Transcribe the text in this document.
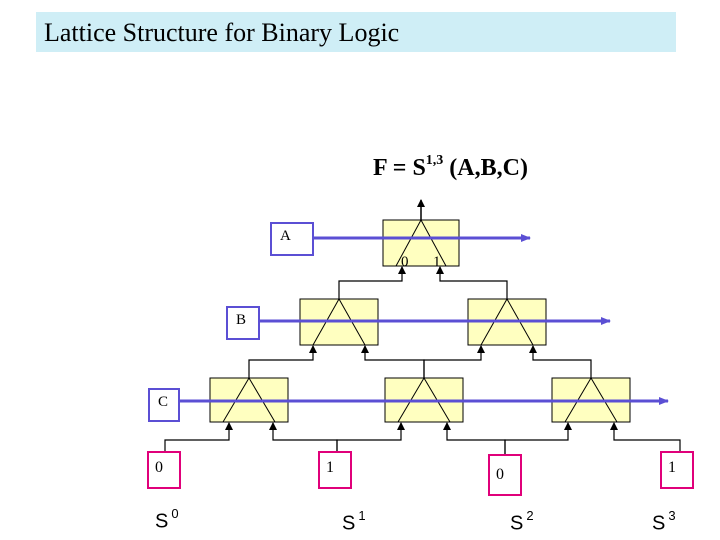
Lattice Structure for Binary Logic
F = S$^{1,3}$ (A,B,C)
0 1
A
B
C
0	1	0	1
S $^0$	S $^1$	S $^2$	S $^3$
